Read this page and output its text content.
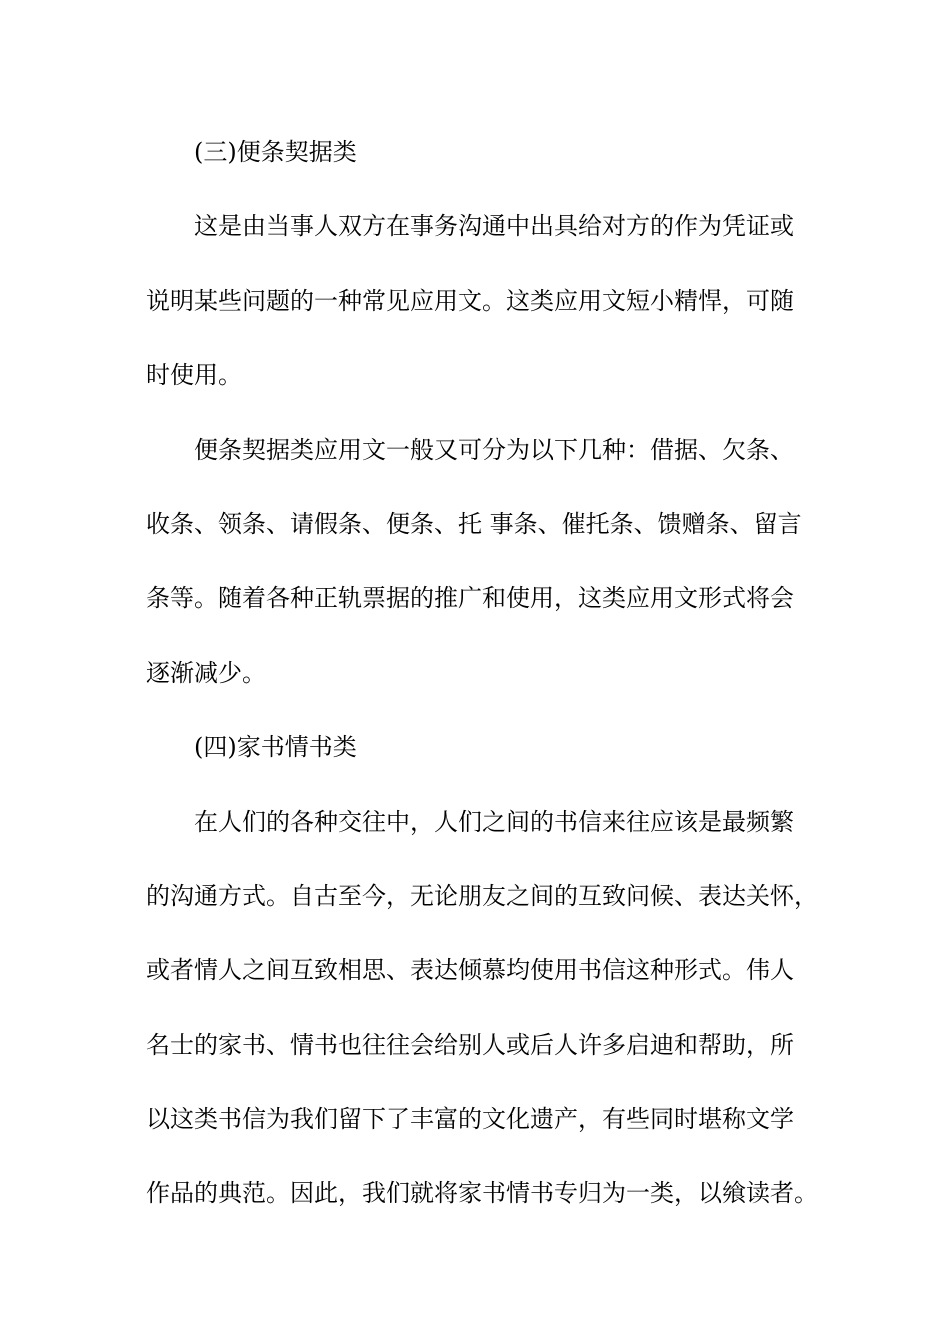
(三)便条契据类
这是由当事人双方在事务沟通中出具给对方的作为凭证或
说明某些问题的一种常见应用文。这类应用文短小精悍，可随
时使用。
便条契据类应用文一般又可分为以下几种：借据、欠条、
收条、领条、请假条、便条、托 事条、催托条、馈赠条、留言
条等。随着各种正轨票据的推广和使用，这类应用文形式将会
逐渐减少。
(四)家书情书类
在人们的各种交往中，人们之间的书信来往应该是最频繁
的沟通方式。自古至今，无论朋友之间的互致问候、表达关怀，
或者情人之间互致相思、表达倾慕均使用书信这种形式。伟人
名士的家书、情书也往往会给别人或后人许多启迪和帮助，所
以这类书信为我们留下了丰富的文化遗产，有些同时堪称文学
作品的典范。因此，我们就将家书情书专归为一类，以飨读者。
